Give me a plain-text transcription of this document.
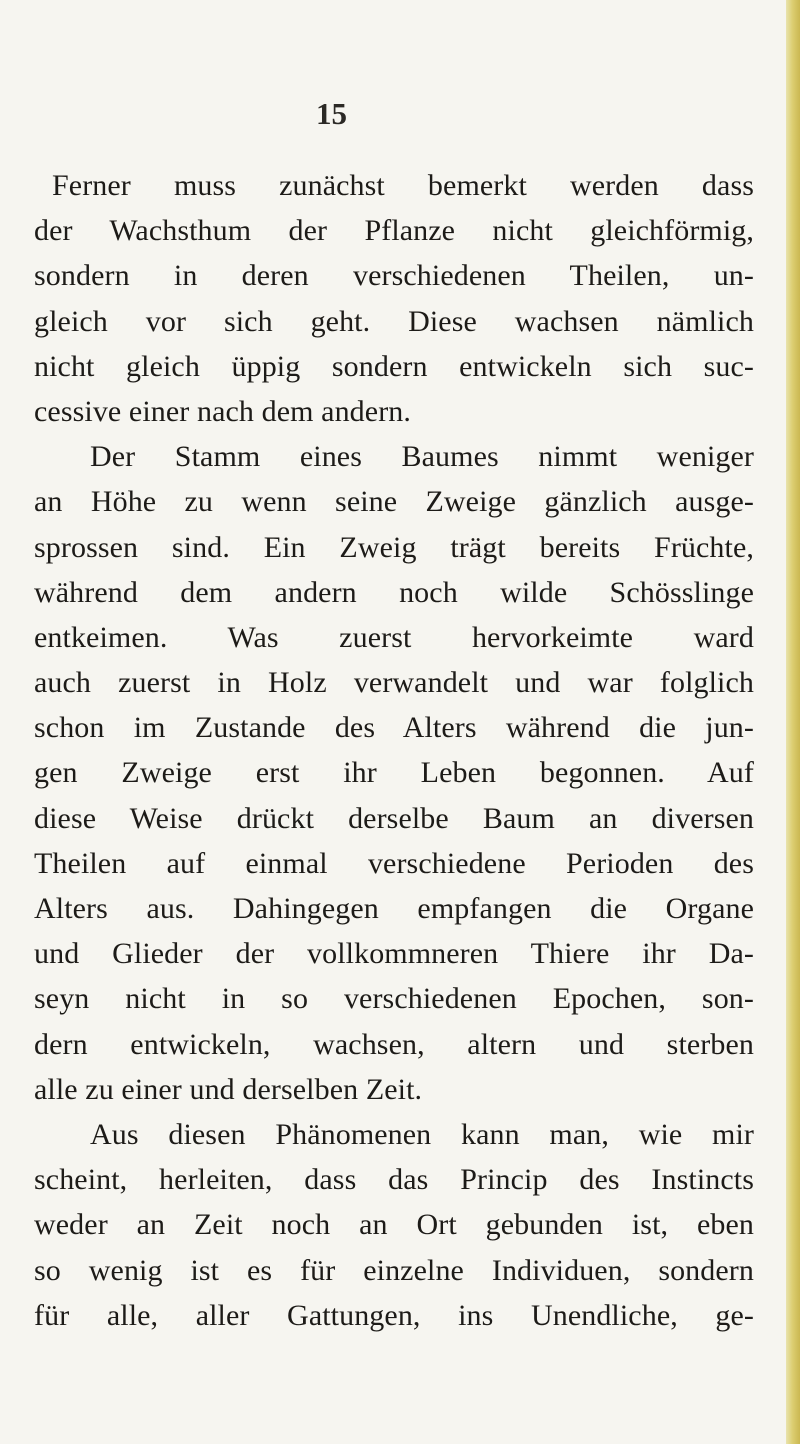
15
Ferner muss zunächst bemerkt werden dass
der Wachsthum der Pflanze nicht gleichförmig,
sondern in deren verschiedenen Theilen, un-
gleich vor sich geht. Diese wachsen nämlich
nicht gleich üppig sondern entwickeln sich suc-
cessive einer nach dem andern.
Der Stamm eines Baumes nimmt weniger
an Höhe zu wenn seine Zweige gänzlich ausge-
sprossen sind. Ein Zweig trägt bereits Früchte,
während dem andern noch wilde Schösslinge
entkeimen. Was zuerst hervorkeimte ward
auch zuerst in Holz verwandelt und war folglich
schon im Zustande des Alters während die jun-
gen Zweige erst ihr Leben begonnen. Auf
diese Weise drückt derselbe Baum an diversen
Theilen auf einmal verschiedene Perioden des
Alters aus. Dahingegen empfangen die Organe
und Glieder der vollkommneren Thiere ihr Da-
seyn nicht in so verschiedenen Epochen, son-
dern entwickeln, wachsen, altern und sterben
alle zu einer und derselben Zeit.
Aus diesen Phänomenen kann man, wie mir
scheint, herleiten, dass das Princip des Instincts
weder an Zeit noch an Ort gebunden ist, eben
so wenig ist es für einzelne Individuen, sondern
für alle, aller Gattungen, ins Unendliche, ge-
